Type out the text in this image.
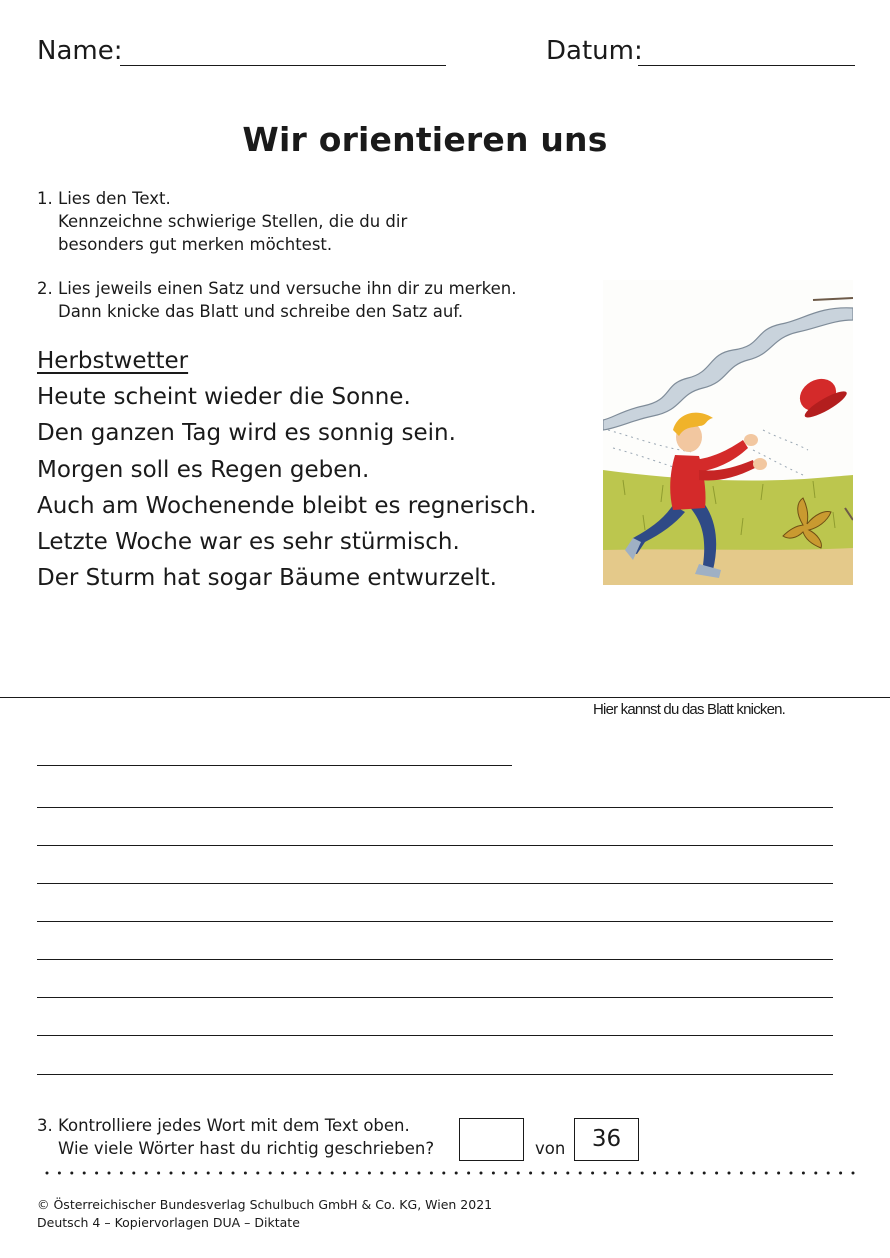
Name:	Datum:
Wir orientieren uns
1. Lies den Text.
Kennzeichne schwierige Stellen, die du dir
besonders gut merken möchtest.
2. Lies jeweils einen Satz und versuche ihn dir zu merken.
Dann knicke das Blatt und schreibe den Satz auf.
Herbstwetter
Heute scheint wieder die Sonne.
Den ganzen Tag wird es sonnig sein.
Morgen soll es Regen geben.
Auch am Wochenende bleibt es regnerisch.
Letzte Woche war es sehr stürmisch.
Der Sturm hat sogar Bäume entwurzelt.
Hier kannst du das Blatt knicken.
3. Kontrolliere jedes Wort mit dem Text oben.
Wie viele Wörter hast du richtig geschrieben?	von	36
© Österreichischer Bundesverlag Schulbuch GmbH & Co. KG, Wien 2021
Deutsch 4 – Kopiervorlagen DUA – Diktate
